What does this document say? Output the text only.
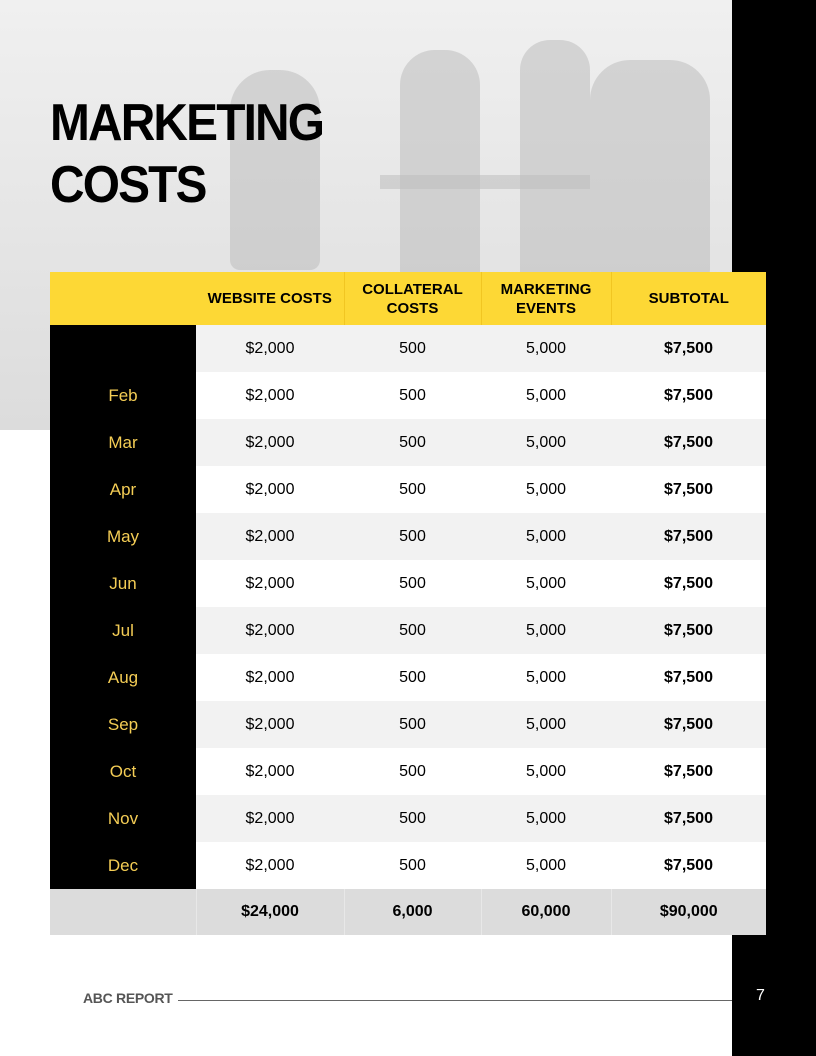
MARKETING
COSTS
	WEBSITE COSTS	COLLATERAL COSTS	MARKETING EVENTS	SUBTOTAL
	$2,000	500	5,000	$7,500
Feb	$2,000	500	5,000	$7,500
Mar	$2,000	500	5,000	$7,500
Apr	$2,000	500	5,000	$7,500
May	$2,000	500	5,000	$7,500
Jun	$2,000	500	5,000	$7,500
Jul	$2,000	500	5,000	$7,500
Aug	$2,000	500	5,000	$7,500
Sep	$2,000	500	5,000	$7,500
Oct	$2,000	500	5,000	$7,500
Nov	$2,000	500	5,000	$7,500
Dec	$2,000	500	5,000	$7,500
	$24,000	6,000	60,000	$90,000
ABC REPORT	7
